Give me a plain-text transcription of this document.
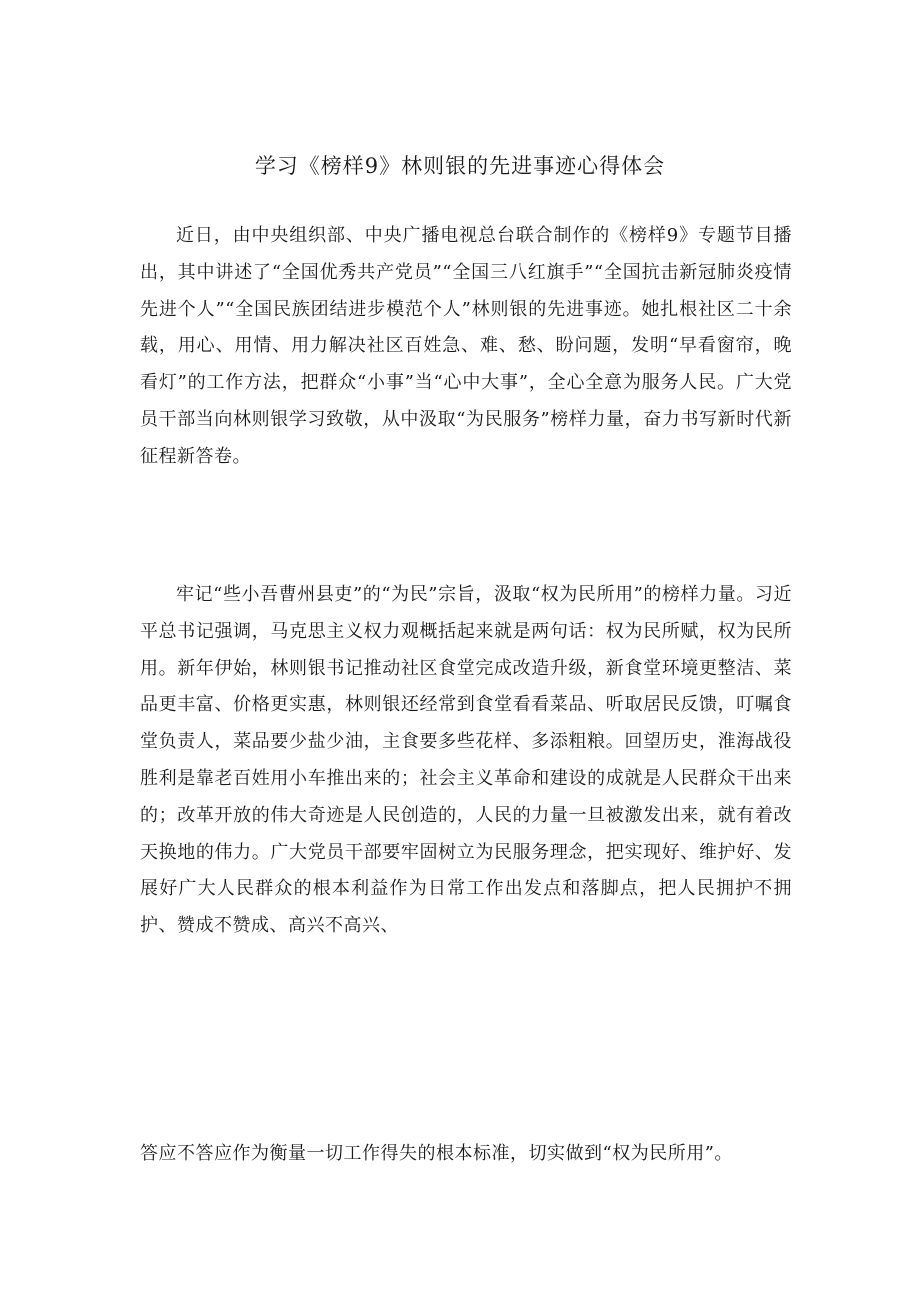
学习《榜样9》林则银的先进事迹心得体会

近日，由中央组织部、中央广播电视总台联合制作的《榜样9》专题节目播出，其中讲述了“全国优秀共产党员”“全国三八红旗手”“全国抗击新冠肺炎疫情先进个人”“全国民族团结进步模范个人”林则银的先进事迹。她扎根社区二十余载，用心、用情、用力解决社区百姓急、难、愁、盼问题，发明“早看窗帘，晚看灯”的工作方法，把群众“小事”当“心中大事”，全心全意为服务人民。广大党员干部当向林则银学习致敬，从中汲取“为民服务”榜样力量，奋力书写新时代新征程新答卷。

牢记“些小吾曹州县吏”的“为民”宗旨，汲取“权为民所用”的榜样力量。习近平总书记强调，马克思主义权力观概括起来就是两句话：权为民所赋，权为民所用。新年伊始，林则银书记推动社区食堂完成改造升级，新食堂环境更整洁、菜品更丰富、价格更实惠，林则银还经常到食堂看看菜品、听取居民反馈，叮嘱食堂负责人，菜品要少盐少油，主食要多些花样、多添粗粮。回望历史，淮海战役胜利是靠老百姓用小车推出来的；社会主义革命和建设的成就是人民群众干出来的；改革开放的伟大奇迹是人民创造的，人民的力量一旦被激发出来，就有着改天换地的伟力。广大党员干部要牢固树立为民服务理念，把实现好、维护好、发展好广大人民群众的根本利益作为日常工作出发点和落脚点，把人民拥护不拥护、赞成不赞成、高兴不高兴、

答应不答应作为衡量一切工作得失的根本标准，切实做到“权为民所用”。
